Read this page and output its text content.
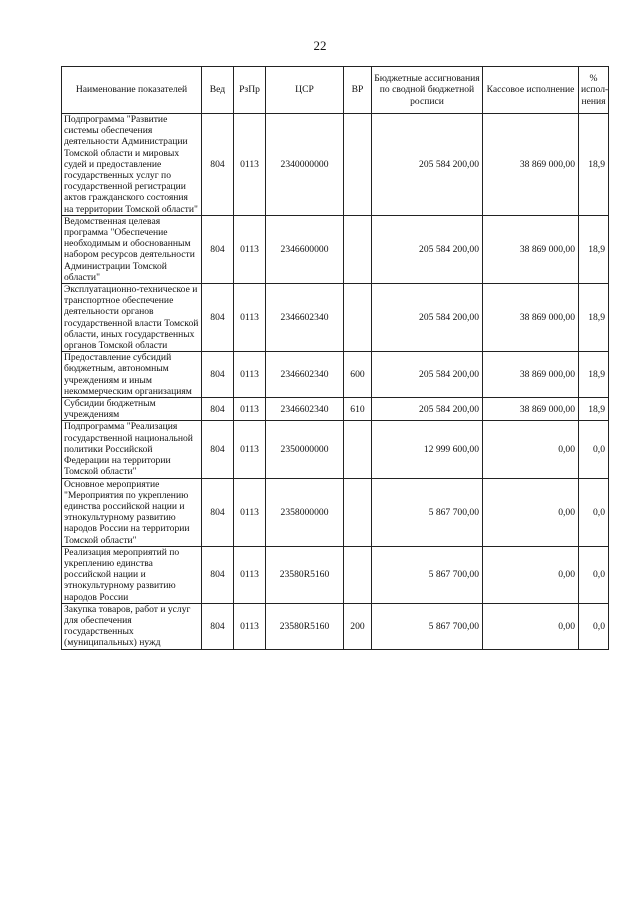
22
Наименование показателей	Вед	РзПр	ЦСР	ВР	Бюджетные ассигнования по сводной бюджетной росписи	Кассовое исполнение	% испол-нения
Подпрограмма "Развитие системы обеспечения деятельности Администрации Томской области и мировых судей и предоставление государственных услуг по государственной регистрации актов гражданского состояния на территории Томской области"	804	0113	2340000000		205 584 200,00	38 869 000,00	18,9
Ведомственная целевая программа "Обеспечение необходимым и обоснованным набором ресурсов деятельности Администрации Томской области"	804	0113	2346600000		205 584 200,00	38 869 000,00	18,9
Эксплуатационно-техническое и транспортное обеспечение деятельности органов государственной власти Томской области, иных государственных органов Томской области	804	0113	2346602340		205 584 200,00	38 869 000,00	18,9
Предоставление субсидий бюджетным, автономным учреждениям и иным некоммерческим организациям	804	0113	2346602340	600	205 584 200,00	38 869 000,00	18,9
Субсидии бюджетным учреждениям	804	0113	2346602340	610	205 584 200,00	38 869 000,00	18,9
Подпрограмма "Реализация государственной национальной политики Российской Федерации на территории Томской области"	804	0113	2350000000		12 999 600,00	0,00	0,0
Основное мероприятие "Мероприятия по укреплению единства российской нации и этнокультурному развитию народов России на территории Томской области"	804	0113	2358000000		5 867 700,00	0,00	0,0
Реализация мероприятий по укреплению единства российской нации и этнокультурному развитию народов России	804	0113	23580R5160		5 867 700,00	0,00	0,0
Закупка товаров, работ и услуг для обеспечения государственных (муниципальных) нужд	804	0113	23580R5160	200	5 867 700,00	0,00	0,0
